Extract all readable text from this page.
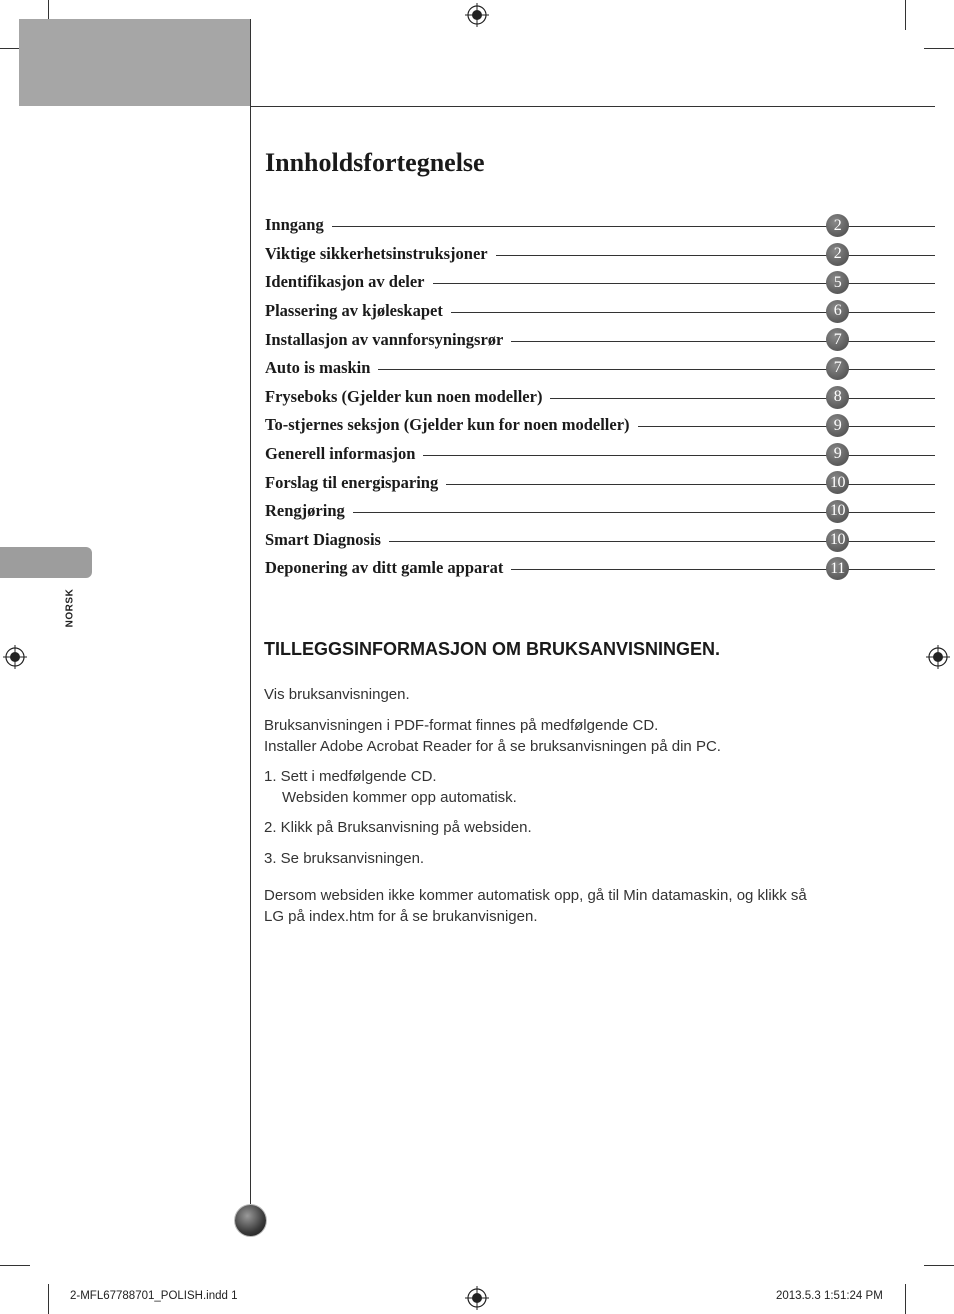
NORSK
Innholdsfortegnelse
Inngang	2
Viktige sikkerhetsinstruksjoner	2
Identifikasjon av deler	5
Plassering av kjøleskapet	6
Installasjon av vannforsyningsrør	7
Auto is maskin	7
Fryseboks (Gjelder kun noen modeller)	8
To-stjernes seksjon (Gjelder kun for noen modeller)	9
Generell informasjon	9
Forslag til energisparing	10
Rengjøring	10
Smart Diagnosis	10
Deponering av ditt gamle apparat	11
TILLEGGSINFORMASJON OM BRUKSANVISNINGEN.

Vis bruksanvisningen.

Bruksanvisningen i PDF-format finnes på medfølgende CD.
Installer Adobe Acrobat Reader for å se bruksanvisningen på din PC.

1. Sett i medfølgende CD.
Websiden kommer opp automatisk.

2. Klikk på Bruksanvisning på websiden.

3. Se bruksanvisningen.

Dersom websiden ikke kommer automatisk opp, gå til Min datamaskin, og klikk så
LG på index.htm for å se brukanvisnigen.

2-MFL67788701_POLISH.indd 1	2013.5.3 1:51:24 PM
